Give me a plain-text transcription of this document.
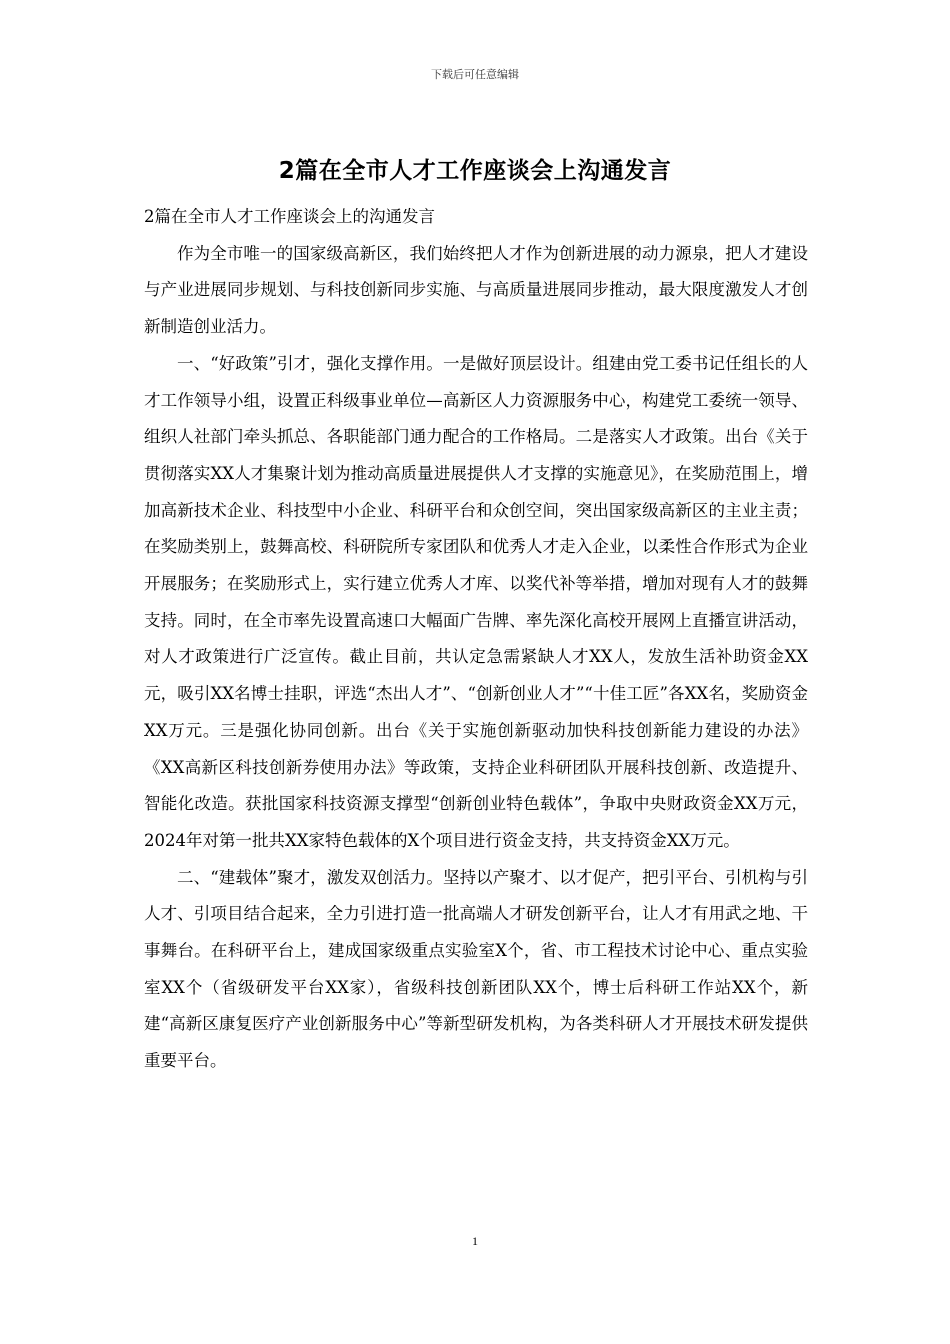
下载后可任意编辑
2篇在全市人才工作座谈会上沟通发言

2篇在全市人才工作座谈会上的沟通发言

作为全市唯一的国家级高新区，我们始终把人才作为创新进展的动力源泉，把人才建设与产业进展同步规划、与科技创新同步实施、与高质量进展同步推动，最大限度激发人才创新制造创业活力。

一、“好政策”引才，强化支撑作用。一是做好顶层设计。组建由党工委书记任组长的人才工作领导小组，设置正科级事业单位—高新区人力资源服务中心，构建党工委统一领导、组织人社部门牵头抓总、各职能部门通力配合的工作格局。二是落实人才政策。出台《关于贯彻落实XX人才集聚计划为推动高质量进展提供人才支撑的实施意见》，在奖励范围上，增加高新技术企业、科技型中小企业、科研平台和众创空间，突出国家级高新区的主业主责；在奖励类别上，鼓舞高校、科研院所专家团队和优秀人才走入企业，以柔性合作形式为企业开展服务；在奖励形式上，实行建立优秀人才库、以奖代补等举措，增加对现有人才的鼓舞支持。同时，在全市率先设置高速口大幅面广告牌、率先深化高校开展网上直播宣讲活动，对人才政策进行广泛宣传。截止目前，共认定急需紧缺人才XX人，发放生活补助资金XX元，吸引XX名博士挂职，评选“杰出人才”、“创新创业人才”“十佳工匠”各XX名，奖励资金XX万元。三是强化协同创新。出台《关于实施创新驱动加快科技创新能力建设的办法》《XX高新区科技创新券使用办法》等政策，支持企业科研团队开展科技创新、改造提升、智能化改造。获批国家科技资源支撑型“创新创业特色载体”，争取中央财政资金XX万元，2024年对第一批共XX家特色载体的X个项目进行资金支持，共支持资金XX万元。

二、“建载体”聚才，激发双创活力。坚持以产聚才、以才促产，把引平台、引机构与引人才、引项目结合起来，全力引进打造一批高端人才研发创新平台，让人才有用武之地、干事舞台。在科研平台上，建成国家级重点实验室X个，省、市工程技术讨论中心、重点实验室XX个（省级研发平台XX家），省级科技创新团队XX个，博士后科研工作站XX个，新建“高新区康复医疗产业创新服务中心”等新型研发机构，为各类科研人才开展技术研发提供重要平台。

1
